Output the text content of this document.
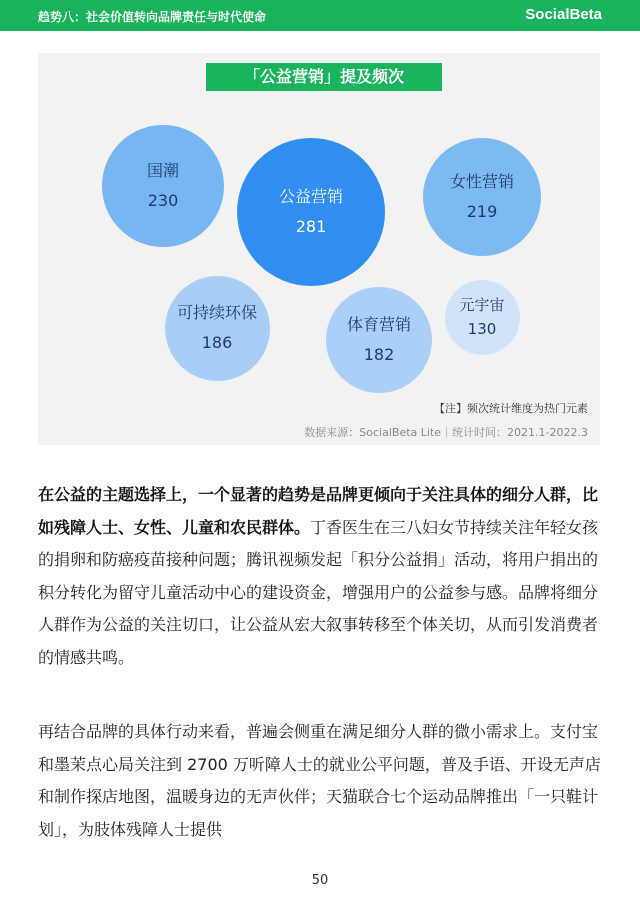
趋势八：社会价值转向品牌责任与时代使命	SocialBeta
「公益营销」提及频次
国潮
230	公益营销
281
女性营销
219
可持续环保
186
体育营销
182
元宇宙
130
【注】频次统计维度为热门元素
数据来源：SocialBeta Lite｜统计时间：2021.1-2022.3
在公益的主题选择上，一个显著的趋势是品牌更倾向于关注具体的细分人群，比如残障人士、女性、儿童和农民群体。丁香医生在三八妇女节持续关注年轻女孩的捐卵和防癌疫苗接种问题；腾讯视频发起「积分公益捐」活动，将用户捐出的积分转化为留守儿童活动中心的建设资金，增强用户的公益参与感。品牌将细分人群作为公益的关注切口，让公益从宏大叙事转移至个体关切，从而引发消费者的情感共鸣。
再结合品牌的具体行动来看，普遍会侧重在满足细分人群的微小需求上。支付宝和墨茉点心局关注到 2700 万听障人士的就业公平问题，普及手语、开设无声店和制作探店地图，温暖身边的无声伙伴；天猫联合七个运动品牌推出「一只鞋计划」，为肢体残障人士提供
50
